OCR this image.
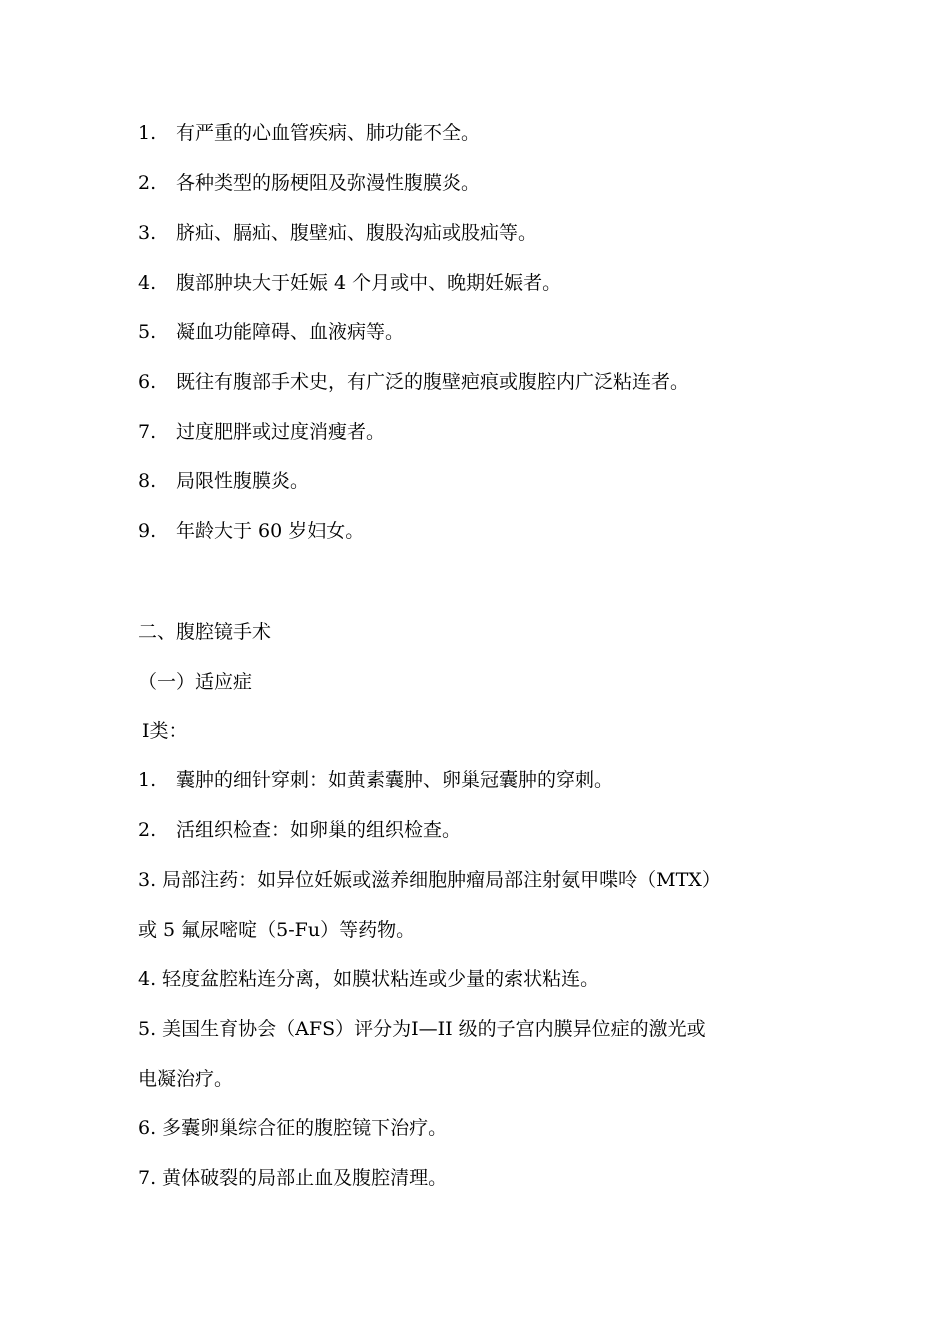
1. 有严重的心血管疾病、肺功能不全。
2. 各种类型的肠梗阻及弥漫性腹膜炎。
3. 脐疝、膈疝、腹壁疝、腹股沟疝或股疝等。
4. 腹部肿块大于妊娠 4 个月或中、晚期妊娠者。
5. 凝血功能障碍、血液病等。
6. 既往有腹部手术史，有广泛的腹壁疤痕或腹腔内广泛粘连者。
7. 过度肥胖或过度消瘦者。
8. 局限性腹膜炎。
9. 年龄大于 60 岁妇女。
二、腹腔镜手术
（一）适应症
Ⅰ类：
1. 囊肿的细针穿刺：如黄素囊肿、卵巢冠囊肿的穿刺。
2. 活组织检查：如卵巢的组织检查。
3. 局部注药：如异位妊娠或滋养细胞肿瘤局部注射氨甲喋呤（MTX）
或 5 氟尿嘧啶（5-Fu）等药物。
4. 轻度盆腔粘连分离，如膜状粘连或少量的索状粘连。
5. 美国生育协会（AFS）评分为Ⅰ—II 级的子宫内膜异位症的激光或
电凝治疗。
6. 多囊卵巢综合征的腹腔镜下治疗。
7. 黄体破裂的局部止血及腹腔清理。
